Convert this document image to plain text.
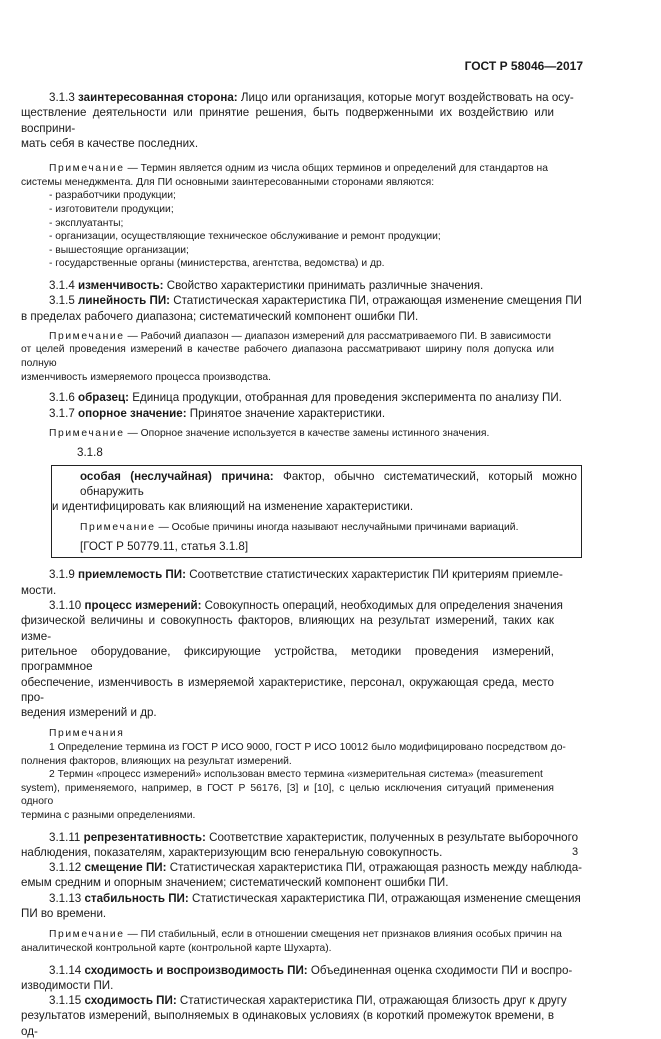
ГОСТ Р 58046—2017

3.1.3 заинтересованная сторона: Лицо или организация, которые могут воздействовать на осу-
ществление деятельности или принятие решения, быть подверженными их воздействию или восприни-
мать себя в качестве последних.

Примечание — Термин является одним из числа общих терминов и определений для стандартов на
системы менеджмента. Для ПИ основными заинтересованными сторонами являются:

- разработчики продукции;
- изготовители продукции;
- эксплуатанты;
- организации, осуществляющие техническое обслуживание и ремонт продукции;
- вышестоящие организации;
- государственные органы (министерства, агентства, ведомства) и др.

3.1.4 изменчивость: Свойство характеристики принимать различные значения.

3.1.5 линейность ПИ: Статистическая характеристика ПИ, отражающая изменение смещения ПИ
в пределах рабочего диапазона; систематический компонент ошибки ПИ.

Примечание — Рабочий диапазон — диапазон измерений для рассматриваемого ПИ. В зависимости
от целей проведения измерений в качестве рабочего диапазона рассматривают ширину поля допуска или полную
изменчивость измеряемого процесса производства.

3.1.6 образец: Единица продукции, отобранная для проведения эксперимента по анализу ПИ.

3.1.7 опорное значение: Принятое значение характеристики.

Примечание — Опорное значение используется в качестве замены истинного значения.

3.1.8

особая (неслучайная) причина: Фактор, обычно систематический, который можно обнаружить
и идентифицировать как влияющий на изменение характеристики.

Примечание — Особые причины иногда называют неслучайными причинами вариаций.

[ГОСТ Р 50779.11, статья 3.1.8]

3.1.9 приемлемость ПИ: Соответствие статистических характеристик ПИ критериям приемле-
мости.

3.1.10 процесс измерений: Совокупность операций, необходимых для определения значения
физической величины и совокупность факторов, влияющих на результат измерений, таких как изме-
рительное оборудование, фиксирующие устройства, методики проведения измерений, программное
обеспечение, изменчивость в измеряемой характеристике, персонал, окружающая среда, место про-
ведения измерений и др.

Примечания
1 Определение термина из ГОСТ Р ИСО 9000, ГОСТ Р ИСО 10012 было модифицировано посредством до-
полнения факторов, влияющих на результат измерений.
2 Термин «процесс измерений» использован вместо термина «измерительная система» (measurement
system), применяемого, например, в ГОСТ Р 56176, [3] и [10], с целью исключения ситуаций применения одного
термина с разными определениями.

3.1.11 репрезентативность: Соответствие характеристик, полученных в результате выборочного
наблюдения, показателям, характеризующим всю генеральную совокупность.

3.1.12 смещение ПИ: Статистическая характеристика ПИ, отражающая разность между наблюда-
емым средним и опорным значением; систематический компонент ошибки ПИ.

3.1.13 стабильность ПИ: Статистическая характеристика ПИ, отражающая изменение смещения
ПИ во времени.

Примечание — ПИ стабильный, если в отношении смещения нет признаков влияния особых причин на
аналитической контрольной карте (контрольной карте Шухарта).

3.1.14 сходимость и воспроизводимость ПИ: Объединенная оценка сходимости ПИ и воспро-
изводимости ПИ.

3.1.15 сходимость ПИ: Статистическая характеристика ПИ, отражающая близость друг к другу
результатов измерений, выполняемых в одинаковых условиях (в короткий промежуток времени, в од-

3
